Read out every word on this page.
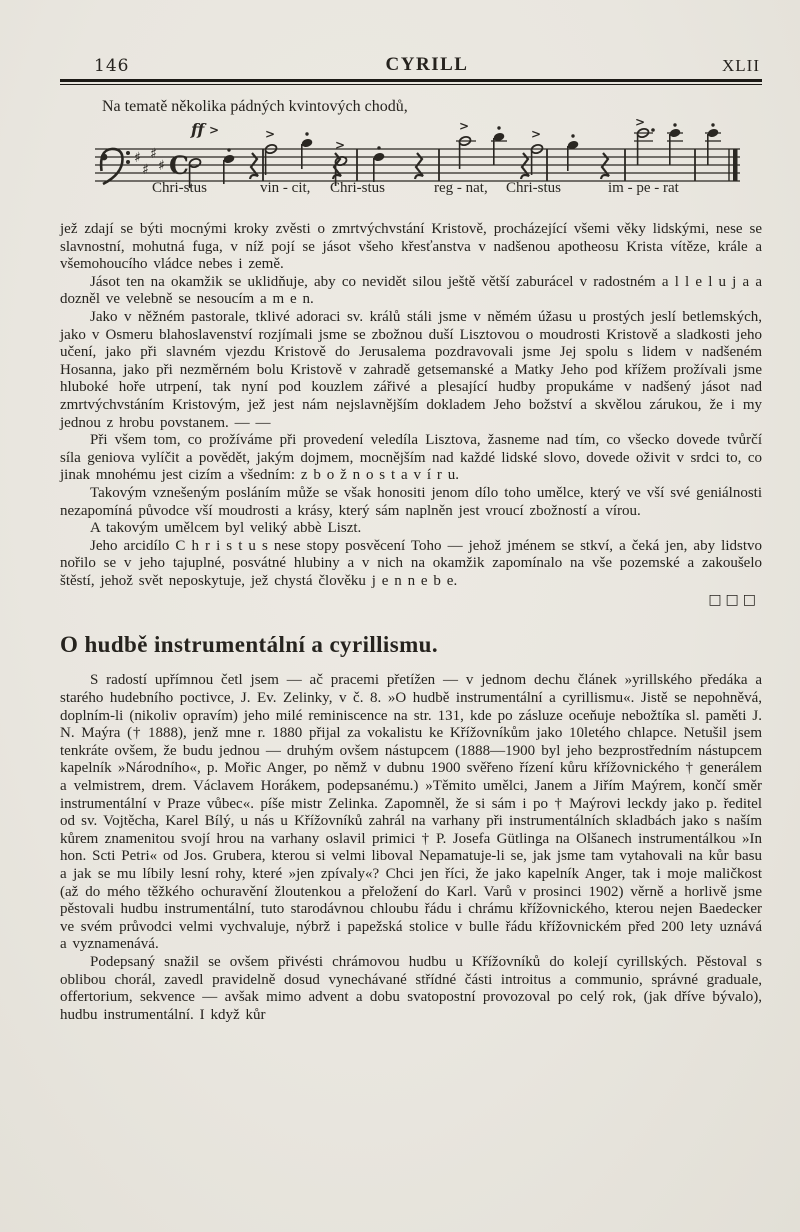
146	CYRILL	XLII

Na tematě několika pádných kvintových chodů,

♯
♯
♯
♯ C
ff >	>
>
>
>
>
Chri-stus	vin - cit, Chri-stus	reg - nat, Chri-stus	im - pe - rat

jež zdají se býti mocnými kroky zvěsti o zmrtvýchvstání Kristově, procházející všemi věky lidskými, nese se slavnostní, mohutná fuga, v níž pojí se jásot všeho křesťanstva v nadšenou apotheosu Krista vítěze, krále a všemohoucího vládce nebes i země.

Jásot ten na okamžik se uklidňuje, aby co nevidět silou ještě větší zaburácel v radostném a l l e l u j a a dozněl ve velebně se nesoucím a m e n.

Jako v něžném pastorale, tklivé adoraci sv. králů stáli jsme v němém úžasu u prostých jeslí betlemských, jako v Osmeru blahoslavenství rozjímali jsme se zbožnou duší Lisztovou o moudrosti Kristově a sladkosti jeho učení, jako při slavném vjezdu Kristově do Jerusalema pozdravovali jsme Jej spolu s lidem v nadšeném Hosanna, jako při nezměrném bolu Kristově v zahradě getsemanské a Matky Jeho pod křížem prožívali jsme hluboké hoře utrpení, tak nyní pod kouzlem zářivé a plesající hudby propukáme v nadšený jásot nad zmrtvýchvstáním Kristovým, jež jest nám nejslavnějším dokladem Jeho božství a skvělou zárukou, že i my jednou z hrobu povstanem. — —

Při všem tom, co prožíváme při provedení veledíla Lisztova, žasneme nad tím, co všecko dovede tvůrčí síla geniova vylíčit a povědět, jakým dojmem, mocnějším nad každé lidské slovo, dovede oživit v srdci to, co jinak mnohému jest cizím a všedním: z b o ž n o s t a v í r u.

Takovým vznešeným posláním může se však honositi jenom dílo toho umělce, který ve vší své geniálnosti nezapomíná původce vší moudrosti a krásy, který sám naplněn jest vroucí zbožností a vírou.

A takovým umělcem byl veliký abbè Liszt.

Jeho arcidílo C h r i s t u s nese stopy posvěcení Toho — jehož jménem se stkví, a čeká jen, aby lidstvo nořilo se v jeho tajuplné, posvátné hlubiny a v nich na okamžik zapomínalo na vše pozemské a zakoušelo štěstí, jehož svět neposkytuje, jež chystá člověku j e n n e b e.

□□□
O hudbě instrumentální a cyrillismu.

S radostí upřímnou četl jsem — ač pracemi přetížen — v jednom dechu článek »yrillského předáka a starého hudebního poctivce, J. Ev. Zelinky, v č. 8. »O hudbě instrumentální a cyrillismu«. Jistě se nepohněvá, doplním-li (nikoliv opravím) jeho milé reminiscence na str. 131, kde po zásluze oceňuje nebožtíka sl. paměti J. N. Maýra († 1888), jenž mne r. 1880 přijal za vokalistu ke Křížovníkům jako 10letého chlapce. Netušil jsem tenkráte ovšem, že budu jednou — druhým ovšem nástupcem (1888—1900 byl jeho bezprostředním nástupcem kapelník »Národního«, p. Mořic Anger, po němž v dubnu 1900 svěřeno řízení kůru křížovnického † generálem a velmistrem, drem. Václavem Horákem, podepsanému.) »Těmito umělci, Janem a Jiřím Maýrem, končí směr instrumentální v Praze vůbec«. píše mistr Zelinka. Zapomněl, že si sám i po † Maýrovi leckdy jako p. ředitel od sv. Vojtěcha, Karel Bílý, u nás u Křížovníků zahrál na varhany při instrumentálních skladbách jako s naším kůrem znamenitou svojí hrou na varhany oslavil primici † P. Josefa Gütlinga na Olšanech instrumentálkou »In hon. Scti Petri« od Jos. Grubera, kterou si velmi liboval Nepamatuje-li se, jak jsme tam vytahovali na kůr basu a jak se mu líbily lesní rohy, které »jen zpívaly«? Chci jen říci, že jako kapelník Anger, tak i moje maličkost (až do mého těžkého ochuravění žloutenkou a přeložení do Karl. Varů v prosinci 1902) věrně a horlivě jsme pěstovali hudbu instrumentální, tuto starodávnou chloubu řádu i chrámu křížovnického, kterou nejen Baedecker ve svém průvodci velmi vychvaluje, nýbrž i papežská stolice v bulle řádu křížovnickém před 200 lety uznává a vyznamenává.

Podepsaný snažil se ovšem přivésti chrámovou hudbu u Křížovníků do kolejí cyrillských. Pěstoval s oblibou chorál, zavedl pravidelně dosud vynechávané střídné části introitus a communio, správné graduale, offertorium, sekvence — avšak mimo advent a dobu svatopostní provozoval po celý rok, (jak dříve bývalo), hudbu instrumentální. I když kůr
